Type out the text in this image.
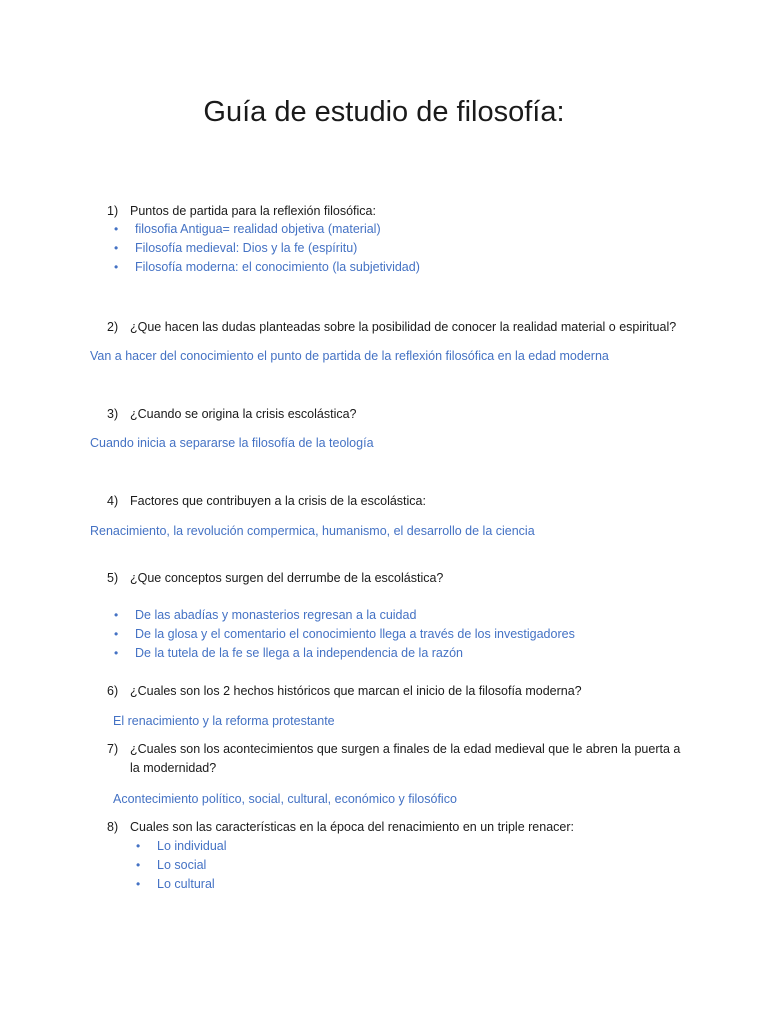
Guía de estudio de filosofía:
1) Puntos de partida para la reflexión filosófica:
• filosofia Antigua= realidad objetiva (material)
• Filosofía medieval: Dios y la fe (espíritu)
• Filosofía moderna: el conocimiento (la subjetividad)
2) ¿Que hacen las dudas planteadas sobre la posibilidad de conocer la realidad material o espiritual?
Van a hacer del conocimiento el punto de partida de la reflexión filosófica en la edad moderna
3) ¿Cuando se origina la crisis escolástica?
Cuando inicia a separarse la filosofía de la teología
4) Factores que contribuyen a la crisis de la escolástica:
Renacimiento, la revolución compermica, humanismo, el desarrollo de la ciencia
5) ¿Que conceptos surgen del derrumbe de la escolástica?
• De las abadías y monasterios regresan a la cuidad
• De la glosa y el comentario el conocimiento llega a través de los investigadores
• De la tutela de la fe se llega a la independencia de la razón
6) ¿Cuales son los 2 hechos históricos que marcan el inicio de la filosofía moderna?
El renacimiento y la reforma protestante
7) ¿Cuales son los acontecimientos que surgen a finales de la edad medieval que le abren la puerta a la modernidad?
Acontecimiento político, social, cultural, económico y filosófico
8) Cuales son las características en la época del renacimiento en un triple renacer:
• Lo individual
• Lo social
• Lo cultural
